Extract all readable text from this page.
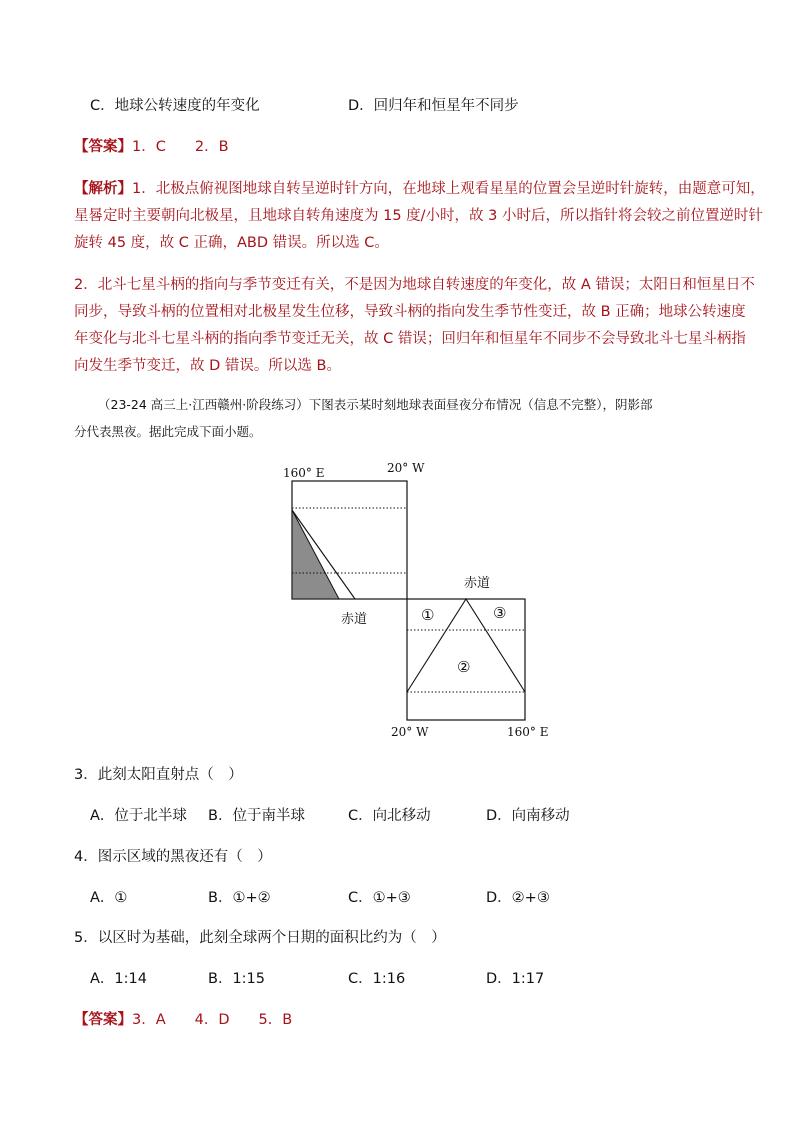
C．地球公转速度的年变化	D．回归年和恒星年不同步
【答案】1．C　　2．B
【解析】1．北极点俯视图地球自转呈逆时针方向，在地球上观看星星的位置会呈逆时针旋转，由题意可知，
星晷定时主要朝向北极星，且地球自转角速度为 15 度/小时，故 3 小时后，所以指针将会较之前位置逆时针
旋转 45 度，故 C 正确，ABD 错误。所以选 C。
2．北斗七星斗柄的指向与季节变迁有关，不是因为地球自转速度的年变化，故 A 错误；太阳日和恒星日不
同步，导致斗柄的位置相对北极星发生位移，导致斗柄的指向发生季节性变迁，故 B 正确；地球公转速度
年变化与北斗七星斗柄的指向季节变迁无关，故 C 错误；回归年和恒星年不同步不会导致北斗七星斗柄指
向发生季节变迁，故 D 错误。所以选 B。
（23-24 高三上·江西赣州·阶段练习）下图表示某时刻地球表面昼夜分布情况（信息不完整），阴影部
分代表黑夜。据此完成下面小题。
160° E	20° W
20° W	160° E
赤道
赤道
①
②
③
3．此刻太阳直射点（　）
A．位于北半球 B．位于南半球	C．向北移动	D．向南移动
4．图示区域的黑夜还有（　）
A．①	B．①+②	C．①+③	D．②+③
5．以区时为基础，此刻全球两个日期的面积比约为（　）
A．1:14	B．1:15	C．1:16	D．1:17
【答案】3．A　　4．D　　5．B
